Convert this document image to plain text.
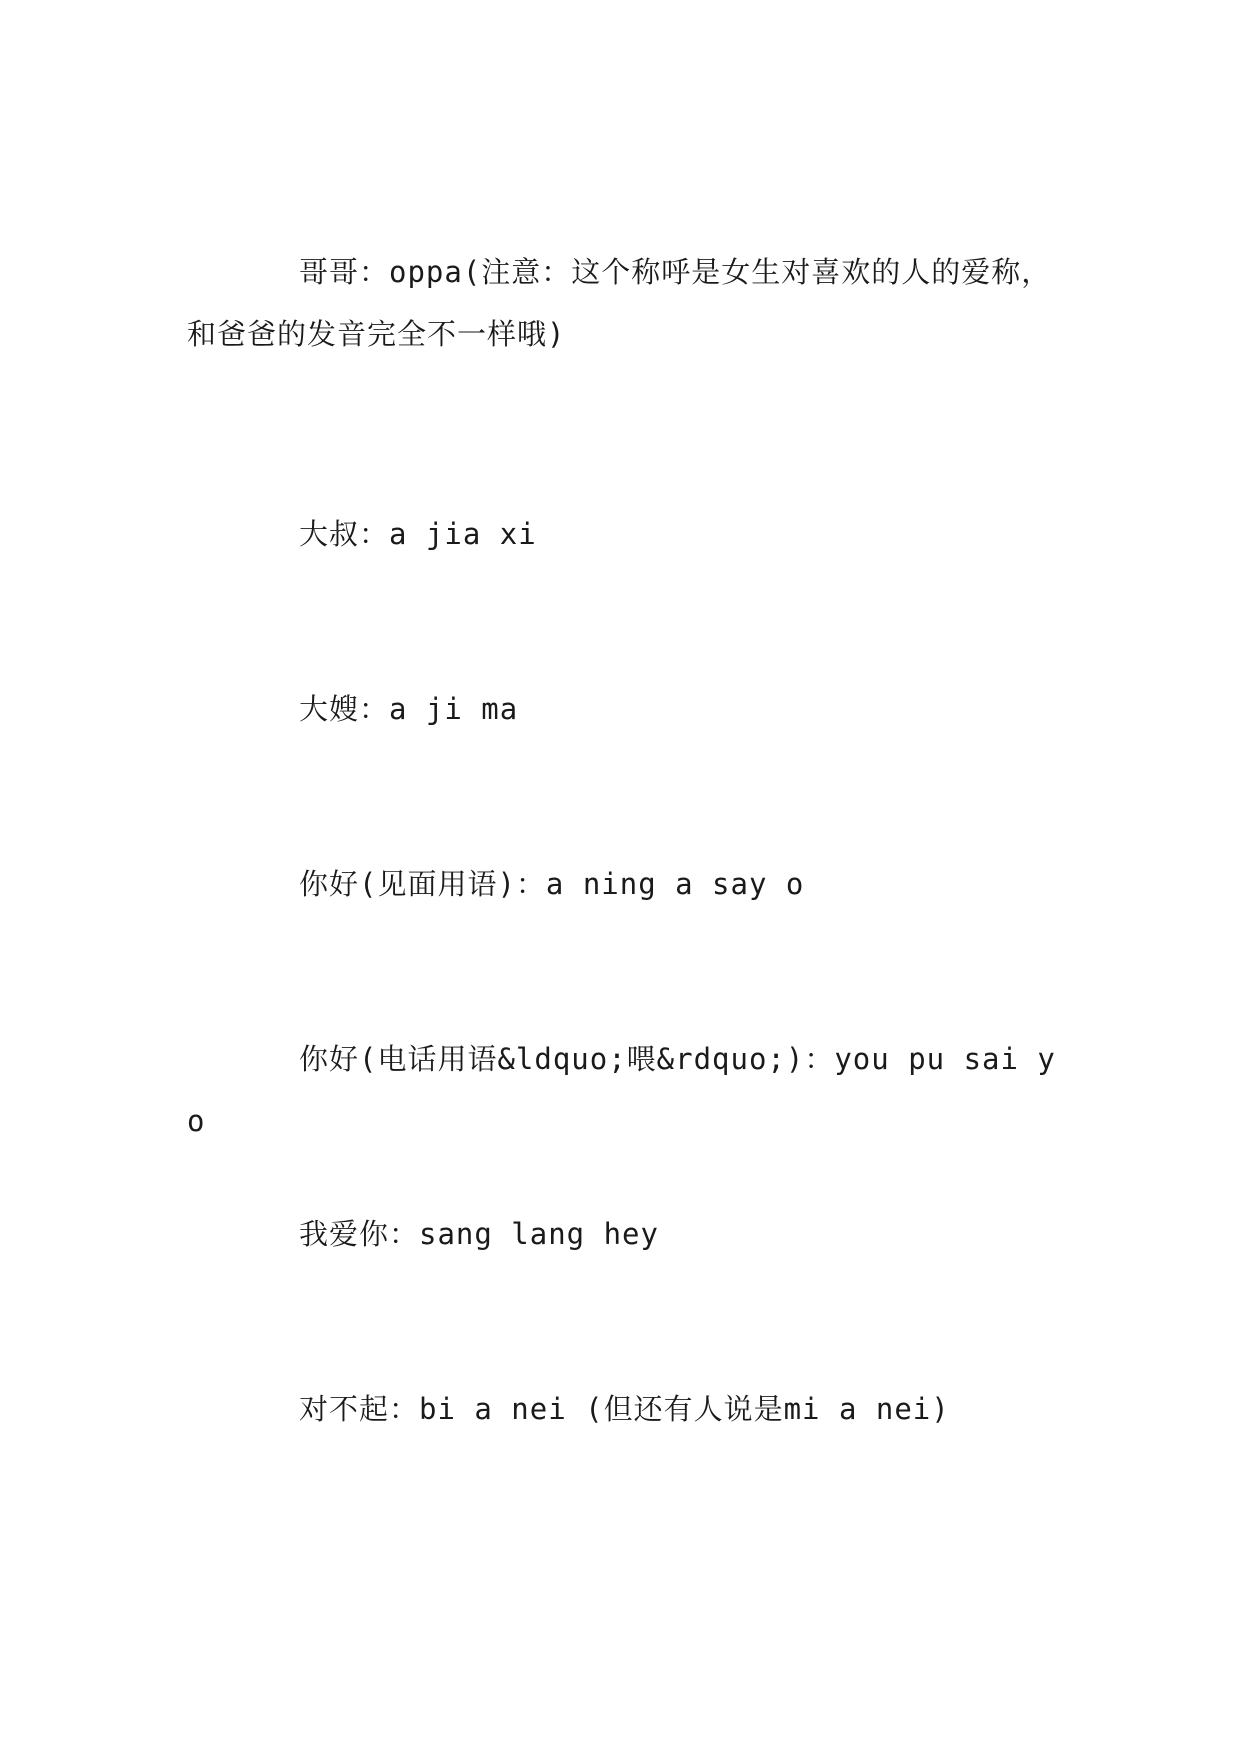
哥哥：oppa(注意：这个称呼是女生对喜欢的人的爱称，和爸爸的发音完全不一样哦)

大叔：a jia xi

大嫂：a ji ma

你好(见面用语)：a ning a say o

你好(电话用语&ldquo;喂&rdquo;)：you pu sai yo

我爱你：sang lang hey

对不起：bi a nei (但还有人说是mi a nei)
